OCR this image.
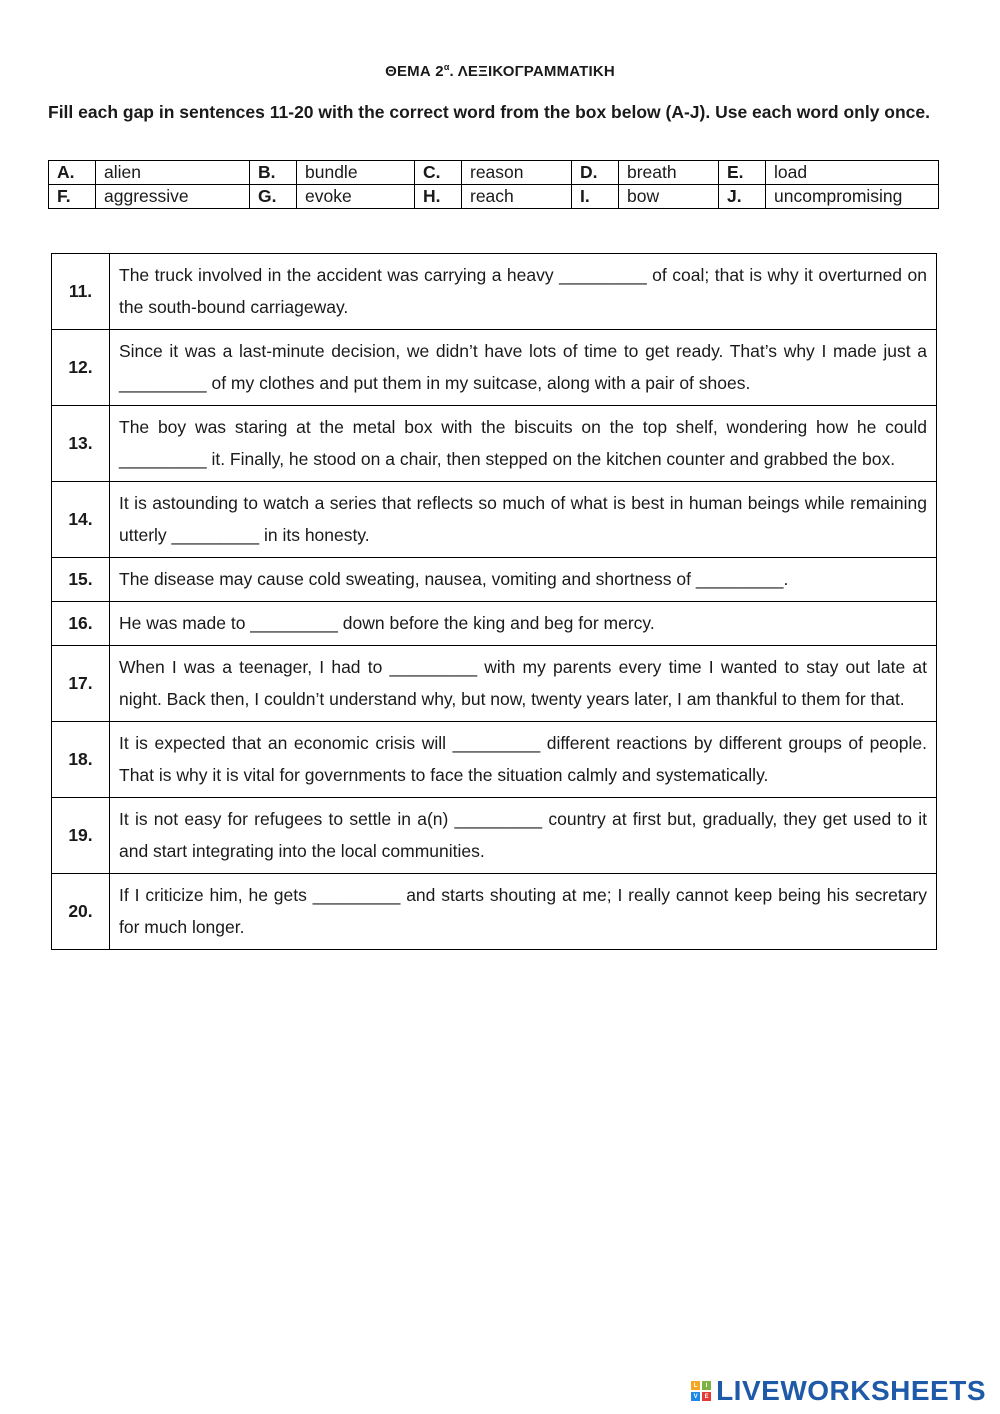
ΘΕΜΑ $2^\alpha$. ΛΕΞΙΚΟΓΡΑΜΜΑΤΙΚΗ
Fill each gap in sentences 11-20 with the correct word from the box below (A-J). Use each word only once.
A.	alien	B.	bundle	C.	reason	D.	breath	E.	load
F.	aggressive	G.	evoke	H.	reach	I.	bow	J.	uncompromising
11.	The truck involved in the accident was carrying a heavy _________ of coal; that is why it overturned on the south-bound carriageway.
12.	Since it was a last-minute decision, we didn’t have lots of time to get ready. That’s why I made just a _________ of my clothes and put them in my suitcase, along with a pair of shoes.
13.	The boy was staring at the metal box with the biscuits on the top shelf, wondering how he could _________ it. Finally, he stood on a chair, then stepped on the kitchen counter and grabbed the box.
14.	It is astounding to watch a series that reflects so much of what is best in human beings while remaining utterly _________ in its honesty.
15.	The disease may cause cold sweating, nausea, vomiting and shortness of _________.
16.	He was made to _________ down before the king and beg for mercy.
17.	When I was a teenager, I had to _________ with my parents every time I wanted to stay out late at night. Back then, I couldn’t understand why, but now, twenty years later, I am thankful to them for that.
18.	It is expected that an economic crisis will _________ different reactions by different groups of people. That is why it is vital for governments to face the situation calmly and systematically.
19.	It is not easy for refugees to settle in a(n) _________ country at first but, gradually, they get used to it and start integrating into the local communities.
20.	If I criticize him, he gets _________ and starts shouting at me; I really cannot keep being his secretary for much longer.
L	I
V	E LIVEWORKSHEETS
